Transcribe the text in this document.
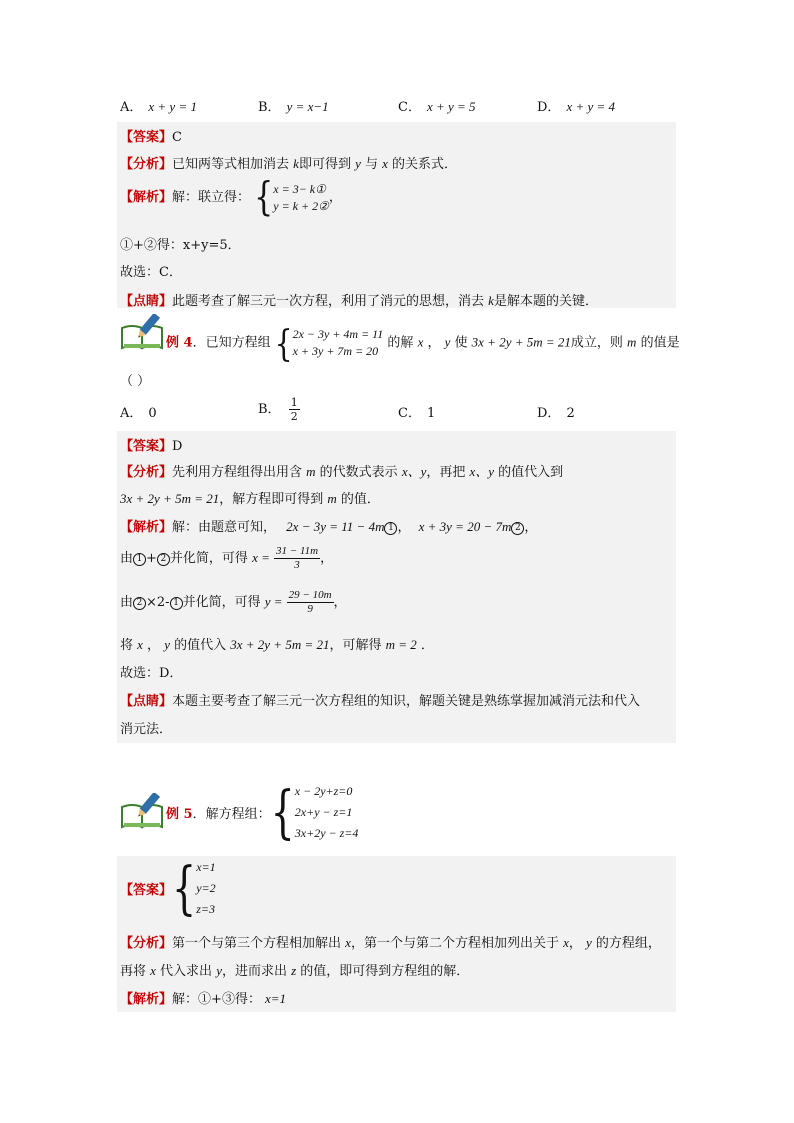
A． x + y = 1	B． y = x−1	C． x + y = 5	D． x + y = 4
【答案】C
【分析】已知两等式相加消去 k即可得到 y 与 x 的关系式．
【解析】解：联立得： { x = 3− k①
y = k + 2②
，
①+②得：x+y=5．
故选：C．
【点睛】此题考查了解三元一次方程，利用了消元的思想，消去 k是解本题的关键．
例 4．已知方程组 { 2x − 3y + 4m = 11
x + 3y + 7m = 20
的解 x ， y 使 3x + 2y + 5m = 21成立，则 m 的值是
（ ）
A． 0	B． $\frac{1}{2}$	C． 1	D． 2
【答案】D
【分析】先利用方程组得出用含 m 的代数式表示 x、y，再把 x、y 的值代入到
3x + 2y + 5m = 21，解方程即可得到 m 的值．
【解析】解：由题意可知， 2x − 3y = 11 − 4m 1 ， x + 3y = 20 − 7m 2 ，
由 1 + 2 并化简，可得 $x = \frac{31 - 11m}{3}$ ，
由 2 ×2- 1 并化简，可得 $y = \frac{29 - 10m}{9}$ ，
将 x ， y 的值代入 3x + 2y + 5m = 21，可解得 m = 2 ．
故选：D．
【点睛】本题主要考查了解三元一次方程组的知识，解题关键是熟练掌握加减消元法和代入
消元法．
例 5 ．解方程组： { x − 2y+z=0
2x+y − z=1
3x+2y − z=4
【答案】 { x=1
y=2
z=3
【分析】第一个与第三个方程相加解出 x，第一个与第二个方程相加列出关于 x， y 的方程组，
再将 x 代入求出 y，进而求出 z 的值，即可得到方程组的解．
【解析】解：①+③得： x=1
